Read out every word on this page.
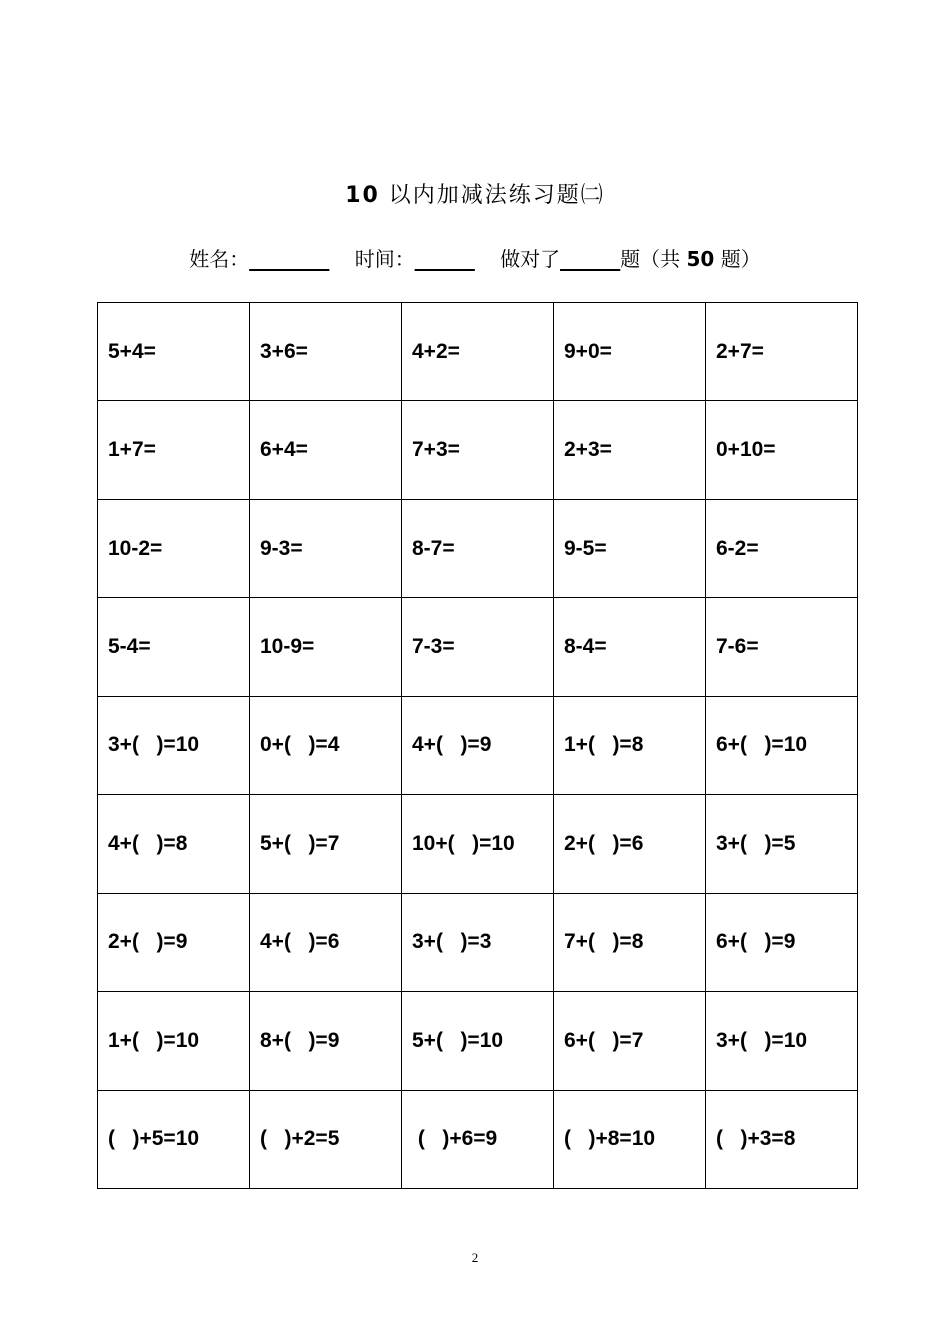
10 以内加减法练习题㈡
姓名：________ 时间：______ 做对了______题（共 50 题）
5+4=	3+6=	4+2=	9+0=	2+7=
1+7=	6+4=	7+3=	2+3=	0+10=
10-2=	9-3=	8-7=	9-5=	6-2=
5-4=	10-9=	7-3=	8-4=	7-6=
3+(   )=10	0+(   )=4	4+(   )=9	1+(   )=8	6+(   )=10
4+(   )=8	5+(   )=7	10+(   )=10	2+(   )=6	3+(   )=5
2+(   )=9	4+(   )=6	3+(   )=3	7+(   )=8	6+(   )=9
1+(   )=10	8+(   )=9	5+(   )=10	6+(   )=7	3+(   )=10
(   )+5=10	(   )+2=5	(   )+6=9	(   )+8=10	(   )+3=8
2
